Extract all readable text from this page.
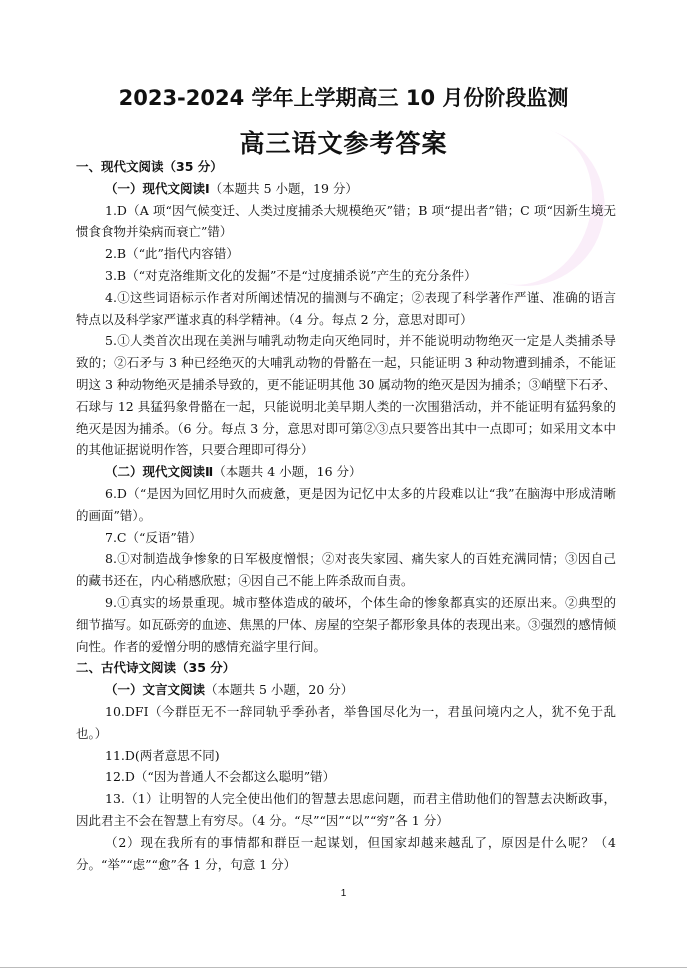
2023-2024 学年上学期高三 10 月份阶段监测
高三语文参考答案

一、现代文阅读（35 分）

（一）现代文阅读Ⅰ（本题共 5 小题，19 分）

1.D（A 项“因气候变迁、人类过度捕杀大规模绝灭”错；B 项“提出者”错；C 项“因新生境无惯食食物并染病而衰亡”错）

2.B（“此”指代内容错）

3.B（“对克洛维斯文化的发掘”不是“过度捕杀说”产生的充分条件）

4.①这些词语标示作者对所阐述情况的揣测与不确定；②表现了科学著作严谨、准确的语言特点以及科学家严谨求真的科学精神。（4 分。每点 2 分，意思对即可）

5.①人类首次出现在美洲与哺乳动物走向灭绝同时，并不能说明动物绝灭一定是人类捕杀导致的；②石矛与 3 种已经绝灭的大哺乳动物的骨骼在一起，只能证明 3 种动物遭到捕杀，不能证明这 3 种动物绝灭是捕杀导致的，更不能证明其他 30 属动物的绝灭是因为捕杀；③峭壁下石矛、石球与 12 具猛犸象骨骼在一起，只能说明北美早期人类的一次围猎活动，并不能证明有猛犸象的绝灭是因为捕杀。（6 分。每点 3 分，意思对即可第②③点只要答出其中一点即可；如采用文本中的其他证据说明作答，只要合理即可得分）

（二）现代文阅读Ⅱ（本题共 4 小题，16 分）

6.D（“是因为回忆用时久而疲惫，更是因为记忆中太多的片段难以让“我”在脑海中形成清晰的画面”错）。

7.C（“反语”错）

8.①对制造战争惨象的日军极度憎恨；②对丧失家园、痛失家人的百姓充满同情；③因自己的藏书还在，内心稍感欣慰；④因自己不能上阵杀敌而自责。

9.①真实的场景重现。城市整体造成的破坏，个体生命的惨象都真实的还原出来。②典型的细节描写。如瓦砾旁的血迹、焦黑的尸体、房屋的空架子都形象具体的表现出来。③强烈的感情倾向性。作者的爱憎分明的感情充溢字里行间。

二、古代诗文阅读（35 分）

（一）文言文阅读（本题共 5 小题，20 分）

10.DFI（今群臣无不一辞同轨乎季孙者，举鲁国尽化为一，君虽问境内之人，犹不免于乱也。）

11.D(两者意思不同)

12.D（“因为普通人不会都这么聪明”错）

13.（1）让明智的人完全使出他们的智慧去思虑问题，而君主借助他们的智慧去决断政事，因此君主不会在智慧上有穷尽。（4 分。“尽”“因”“以”“穷”各 1 分）

（2）现在我所有的事情都和群臣一起谋划，但国家却越来越乱了，原因是什么呢？（4 分。“举”“虑”“愈”各 1 分，句意 1 分）

1
